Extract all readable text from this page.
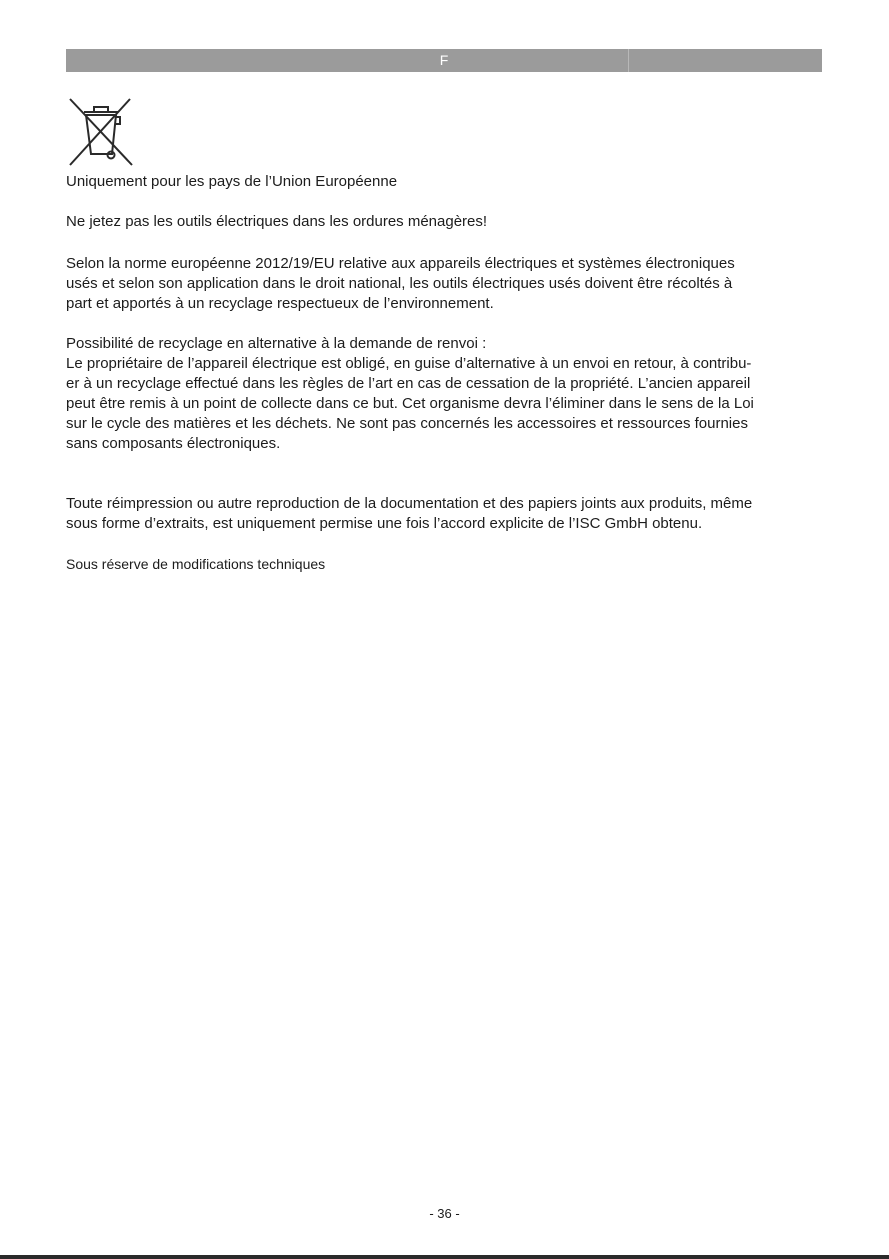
F

Uniquement pour les pays de l’Union Européenne

Ne jetez pas les outils électriques dans les ordures ménagères!

Selon la norme européenne 2012/19/EU relative aux appareils électriques et systèmes électroniques
usés et selon son application dans le droit national, les outils électriques usés doivent être récoltés à
part et apportés à un recyclage respectueux de l’environnement.

Possibilité de recyclage en alternative à la demande de renvoi :
Le propriétaire de l’appareil électrique est obligé, en guise d’alternative à un envoi en retour, à contribu-
er à un recyclage effectué dans les règles de l’art en cas de cessation de la propriété. L’ancien appareil
peut être remis à un point de collecte dans ce but. Cet organisme devra l’éliminer dans le sens de la Loi
sur le cycle des matières et les déchets. Ne sont pas concernés les accessoires et ressources fournies
sans composants électroniques.

Toute réimpression ou autre reproduction de la documentation et des papiers joints aux produits, même
sous forme d’extraits, est uniquement permise une fois l’accord explicite de l’ISC GmbH obtenu.

Sous réserve de modifications techniques

- 36 -
